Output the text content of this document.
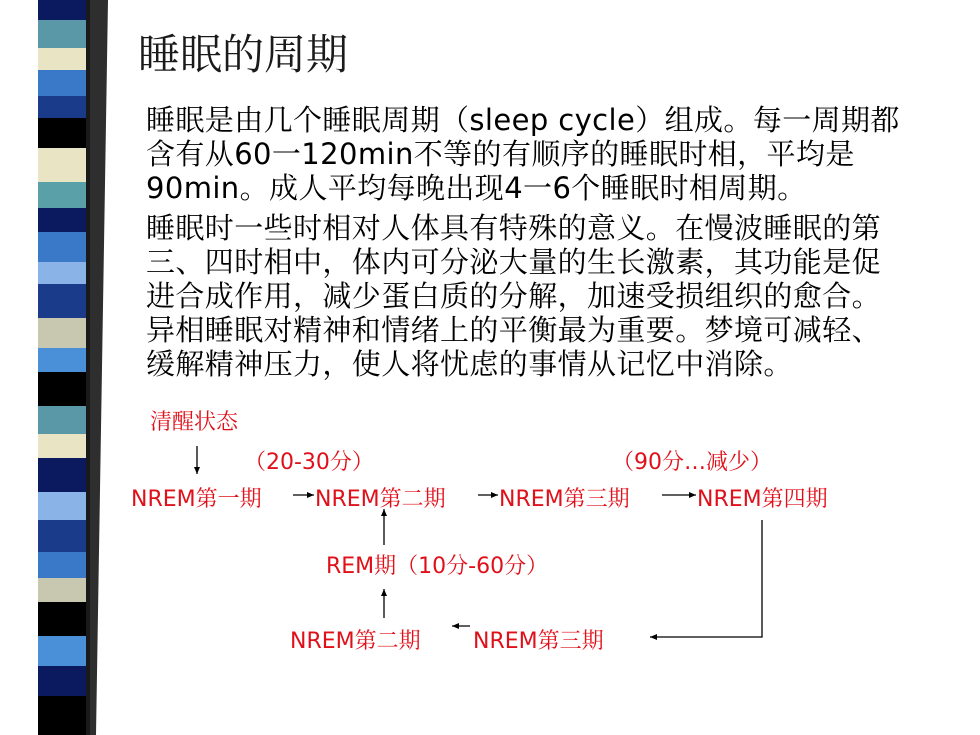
睡眠的周期
睡眠是由几个睡眠周期（sleep cycle）组成。每一周期都
含有从60一120min不等的有顺序的睡眠时相，平均是
90min。成人平均每晚出现4一6个睡眠时相周期。
睡眠时一些时相对人体具有特殊的意义。在慢波睡眠的第
三、四时相中，体内可分泌大量的生长激素，其功能是促
进合成作用，减少蛋白质的分解，加速受损组织的愈合。
异相睡眠对精神和情绪上的平衡最为重要。梦境可减轻、
缓解精神压力，使人将忧虑的事情从记忆中消除。
清醒状态
（20-30分）	（90分…减少）
NREM第一期 NREM第二期 NREM第三期	NREM第四期
REM期（10分-60分）
NREM第二期 NREM第三期
